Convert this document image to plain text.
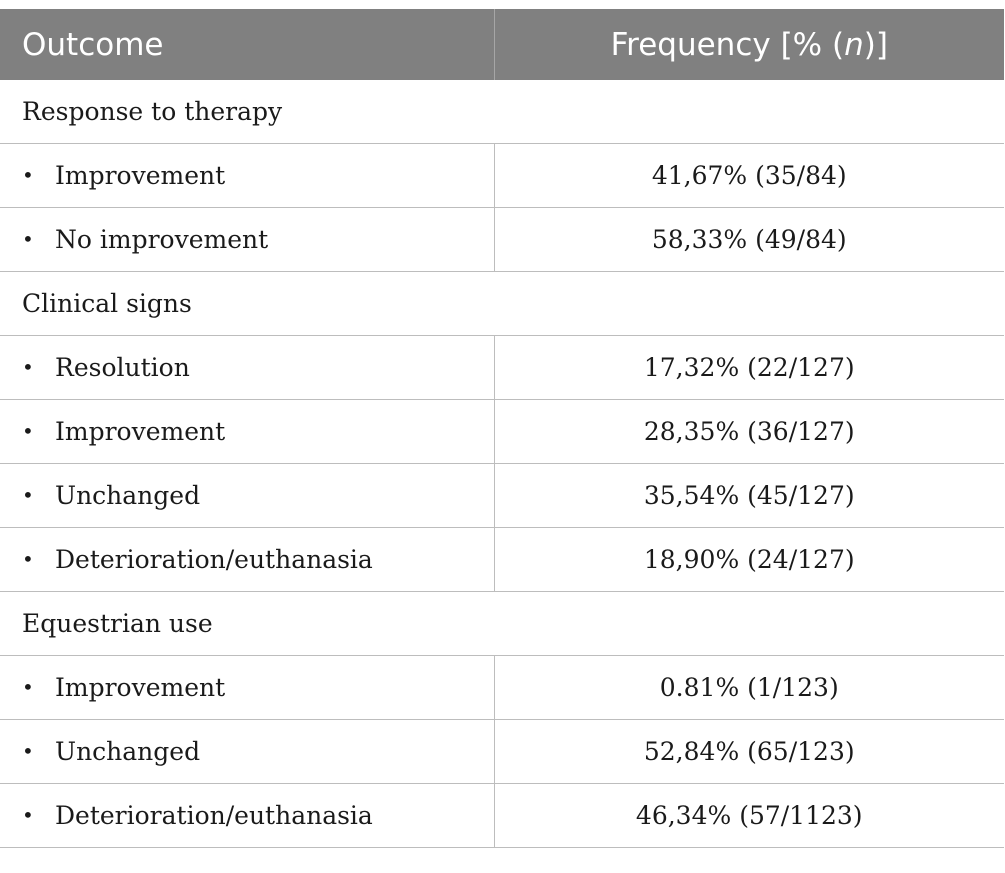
Outcome	Frequency [% (n)]
Response to therapy	
• Improvement	41,67% (35/84)
• No improvement	58,33% (49/84)
Clinical signs	
• Resolution	17,32% (22/127)
• Improvement	28,35% (36/127)
• Unchanged	35,54% (45/127)
• Deterioration/euthanasia	18,90% (24/127)
Equestrian use	
• Improvement	0.81% (1/123)
• Unchanged	52,84% (65/123)
• Deterioration/euthanasia	46,34% (57/1123)
